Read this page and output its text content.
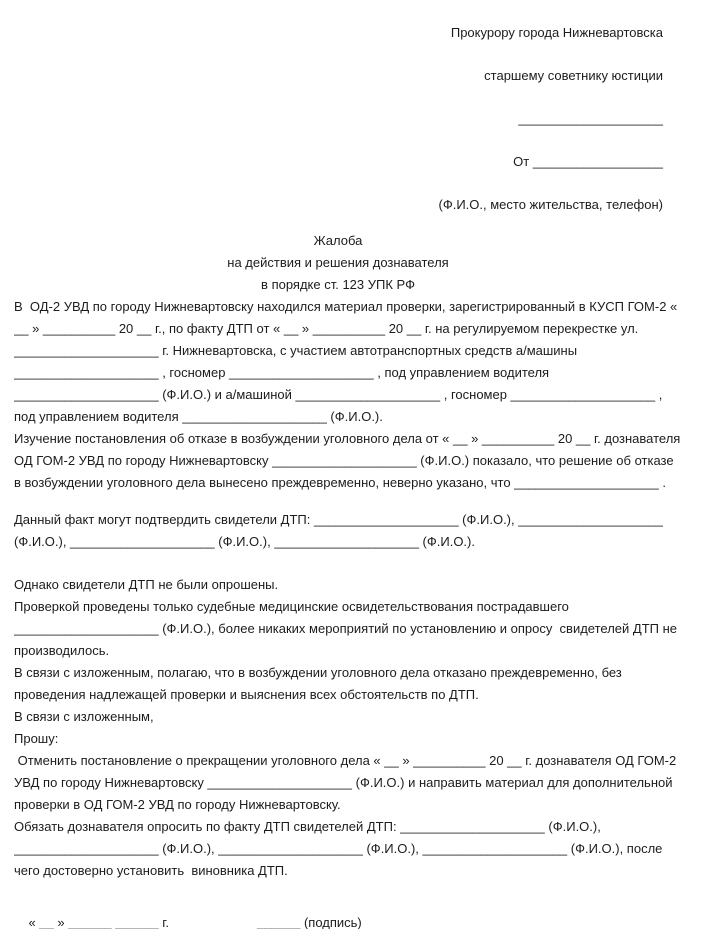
Прокурору города Нижневартовска
старшему советнику юстиции
____________________
От __________________
(Ф.И.О., место жительства, телефон)
Жалоба
на действия и решения дознавателя
в порядке ст. 123 УПК РФ
В  ОД-2 УВД по городу Нижневартовску находился материал проверки, зарегистрированный в КУСП ГОМ-2 «
__ » __________ 20 __ г., по факту ДТП от « __ » __________ 20 __ г. на регулируемом перекрестке ул.
____________________ г. Нижневартовска, с участием автотранспортных средств а/машины
____________________ , госномер ____________________ , под управлением водителя
____________________ (Ф.И.О.) и а/машиной ____________________ , госномер ____________________ ,
под управлением водителя ____________________ (Ф.И.О.).
Изучение постановления об отказе в возбуждении уголовного дела от « __ » __________ 20 __ г. дознавателя
ОД ГОМ-2 УВД по городу Нижневартовску ____________________ (Ф.И.О.) показало, что решение об отказе
в возбуждении уголовного дела вынесено преждевременно, неверно указано, что ____________________ .
Данный факт могут подтвердить свидетели ДТП: ____________________ (Ф.И.О.), ____________________
(Ф.И.О.), ____________________ (Ф.И.О.), ____________________ (Ф.И.О.).
Однако свидетели ДТП не были опрошены.
Проверкой проведены только судебные медицинские освидетельствования пострадавшего
____________________ (Ф.И.О.), более никаких мероприятий по установлению и опросу  свидетелей ДТП не
производилось.
В связи с изложенным, полагаю, что в возбуждении уголовного дела отказано преждевременно, без
проведения надлежащей проверки и выяснения всех обстоятельств по ДТП.
В связи с изложенным,
Прошу:
Отменить постановление о прекращении уголовного дела « __ » __________ 20 __ г. дознавателя ОД ГОМ-2
УВД по городу Нижневартовску ____________________ (Ф.И.О.) и направить материал для дополнительной
проверки в ОД ГОМ-2 УВД по городу Нижневартовску.
Обязать дознавателя опросить по факту ДТП свидетелей ДТП: ____________________ (Ф.И.О.),
____________________ (Ф.И.О.), ____________________ (Ф.И.О.), ____________________ (Ф.И.О.), после
чего достоверно установить  виновника ДТП.

« __ » ______ ______ г.	______ (подпись)
